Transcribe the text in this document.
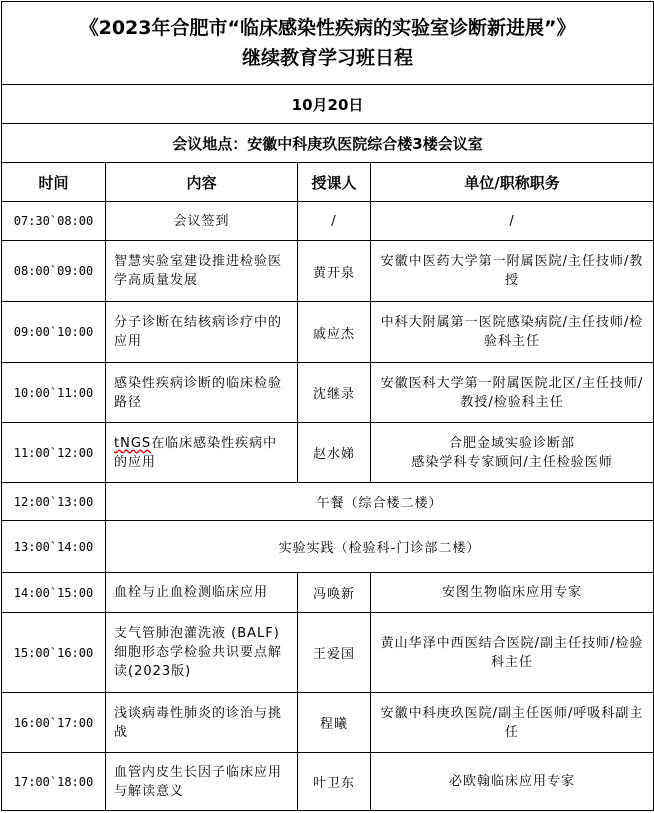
《2023年合肥市“临床感染性疾病的实验室诊断新进展”》
继续教育学习班日程			

10月20日			
会议地点：安徽中科庚玖医院综合楼3楼会议室			
时间	内容	授课人	单位/职称职务
07:30`08:00	会议签到	/	/
08:00`09:00	智慧实验室建设推进检验医学高质量发展	黄开泉	安徽中医药大学第一附属医院/主任技师/教授
09:00`10:00	分子诊断在结核病诊疗中的应用	戚应杰	中科大附属第一医院感染病院/主任技师/检验科主任
10:00`11:00	感染性疾病诊断的临床检验路径	沈继录	安徽医科大学第一附属医院北区/主任技师/教授/检验科主任
11:00`12:00	tNGS在临床感染性疾病中的应用	赵水娣	合肥金域实验诊断部
感染学科专家顾问/主任检验医师

12:00`13:00	午餐（综合楼二楼）		
13:00`14:00	实验实践（检验科-门诊部二楼）		
14:00`15:00	血栓与止血检测临床应用	冯唤新	安图生物临床应用专家
15:00`16:00	支气管肺泡灌洗液 (BALF)细胞形态学检验共识要点解读(2023版)	王爱国	黄山华泽中西医结合医院/副主任技师/检验科主任
16:00`17:00	浅谈病毒性肺炎的诊治与挑战	程曦	安徽中科庚玖医院/副主任医师/呼吸科副主任
17:00`18:00	血管内皮生长因子临床应用与解读意义	叶卫东	必欧翰临床应用专家
